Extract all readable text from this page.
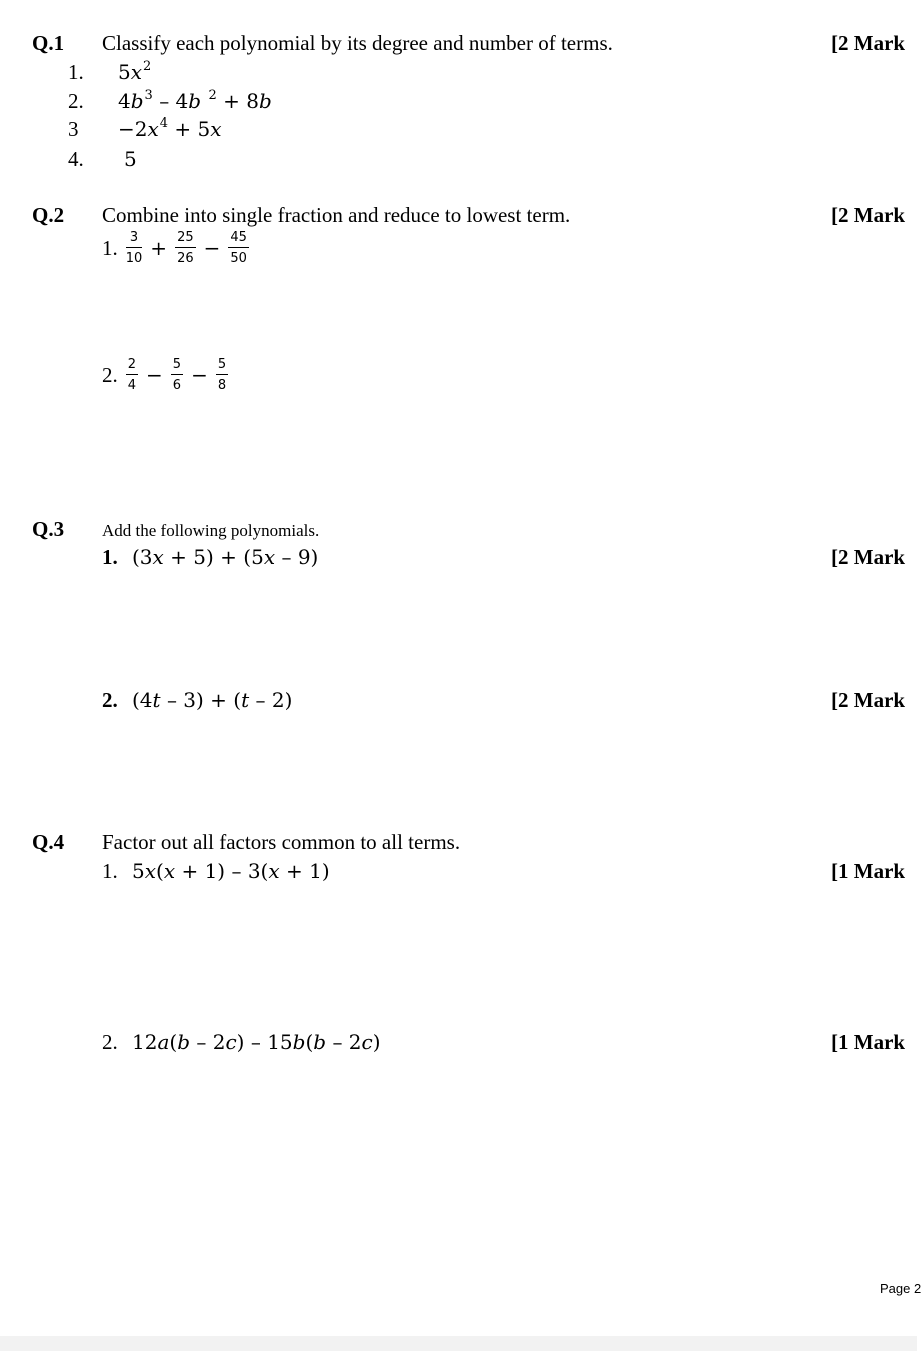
Q.1 Classify each polynomial by its degree and number of terms.	[2 Mark
1. $5x^2$
2. $4b^3 - 4b$ $^2$ + 8b
$3 -2x^4 + 5x$
4. 5
Q.2 Combine into single fraction and reduce to lowest term.	[2 Mark
1. $\frac{3}{10} + \frac{25}{26} - \frac{45}{50}$
2. $\frac{2}{4} - \frac{5}{6} - \frac{5}{8}$
Q.3 Add the following polynomials.
1. (3x + 5) + (5x – 9)	[2 Mark
2. (4t – 3) + (t – 2)	[2 Mark
Q.4 Factor out all factors common to all terms.
1. 5x(x + 1) – 3(x + 1)	[1 Mark
2. 12a(b – 2c) – 15b(b – 2c)	[1 Mark
Page 2
